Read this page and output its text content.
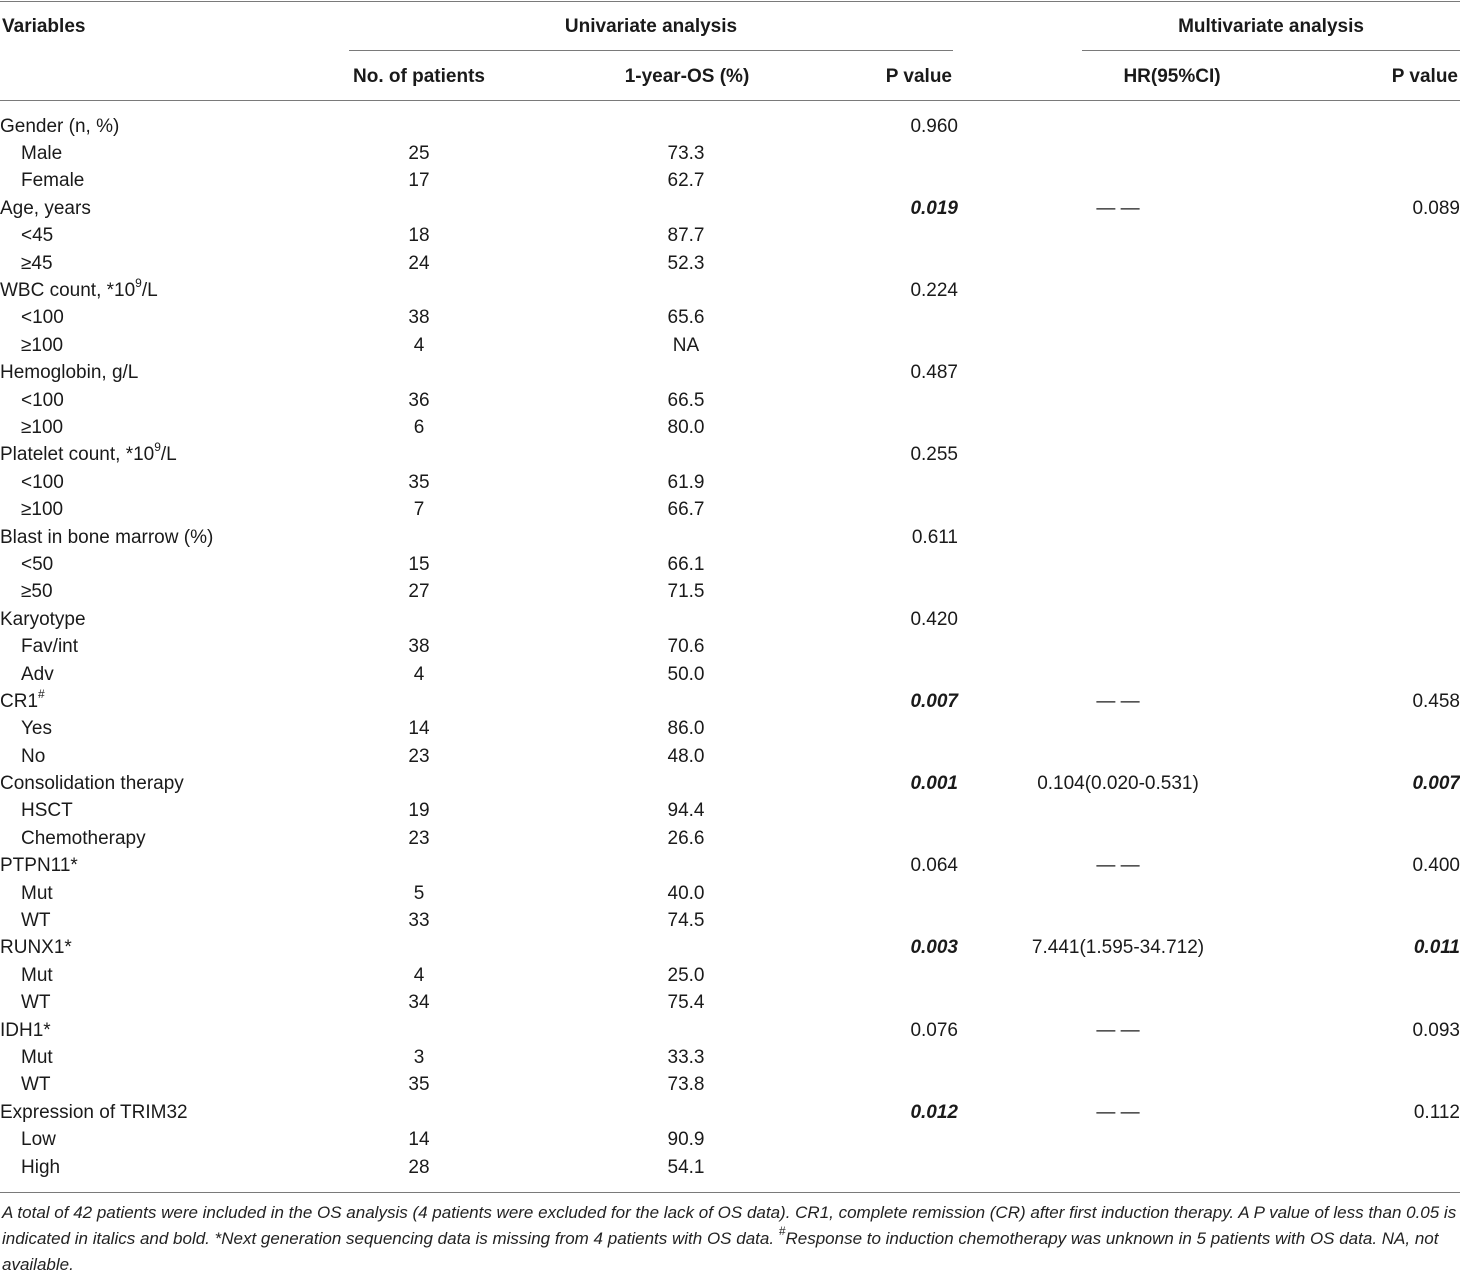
Variables	Univariate analysis	Multivariate analysis
No. of patients	1-year-OS (%)	P value	HR(95%CI)	P value
Gender (n, %)			0.960		
Male	25	73.3			
Female	17	62.7			
Age, years			0.019	— —	0.089
<45	18	87.7			
≥45	24	52.3			
WBC count, $*10^9/L$			0.224		
<100	38	65.6			
≥100	4	NA			
Hemoglobin, g/L			0.487		
<100	36	66.5			
≥100	6	80.0			
Platelet count, $*10^9/L$			0.255		
<100	35	61.9			
≥100	7	66.7			
Blast in bone marrow (%)			0.611		
<50	15	66.1			
≥50	27	71.5			
Karyotype			0.420		
Fav/int	38	70.6			
Adv	4	50.0			
CR1#			0.007	— —	0.458
Yes	14	86.0			
No	23	48.0			
Consolidation therapy			0.001	0.104(0.020-0.531)	0.007
HSCT	19	94.4			
Chemotherapy	23	26.6			
PTPN11*			0.064	— —	0.400
Mut	5	40.0			
WT	33	74.5			
RUNX1*			0.003	7.441(1.595-34.712)	0.011
Mut	4	25.0			
WT	34	75.4			
IDH1*			0.076	— —	0.093
Mut	3	33.3			
WT	35	73.8			
Expression of TRIM32			0.012	— —	0.112
Low	14	90.9			
High	28	54.1			
A total of 42 patients were included in the OS analysis (4 patients were excluded for the lack of OS data). CR1, complete remission (CR) after first induction therapy. A P value of less than 0.05 is indicated in italics and bold. *Next generation sequencing data is missing from 4 patients with OS data. #Response to induction chemotherapy was unknown in 5 patients with OS data. NA, not available.
